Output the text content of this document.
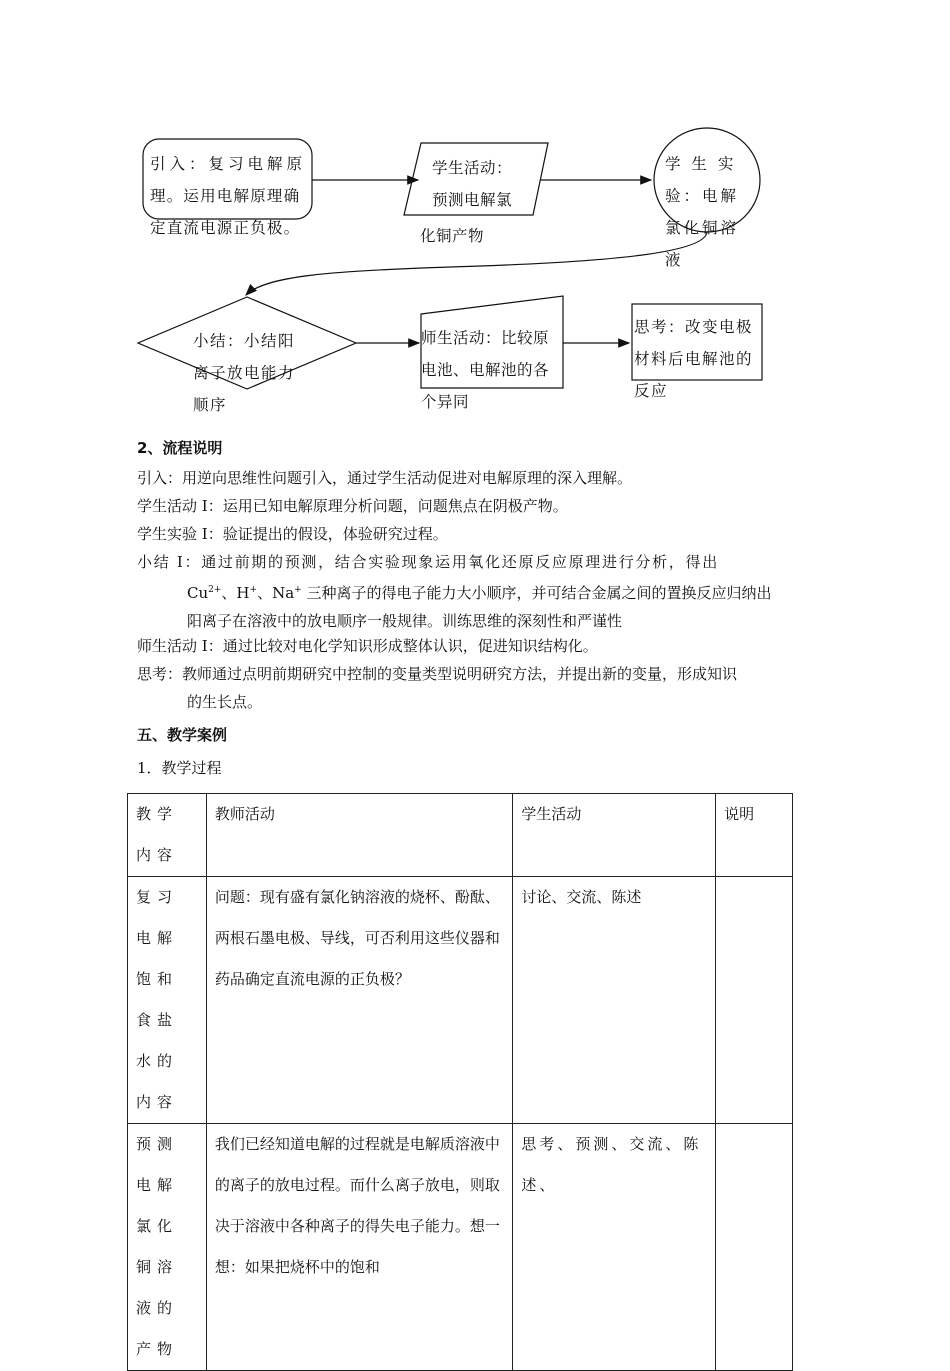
引入：复习电解原
理。运用电解原理确
定直流电源正负极。
学生活动：
预测电解氯
化铜产物
学 生 实
验：电解
氯化铜溶
液
小结：小结阳
离子放电能力
顺序
师生活动：比较原
电池、电解池的各
个异同
思考：改变电极
材料后电解池的
反应
2、流程说明
引入：用逆向思维性问题引入，通过学生活动促进对电解原理的深入理解。
学生活动 I：运用已知电解原理分析问题，问题焦点在阴极产物。
学生实验 I：验证提出的假设，体验研究过程。
小结 I：通过前期的预测，结合实验现象运用氧化还原反应原理进行分析，得出
$Cu^{2+}$、H+、Na+ 三种离子的得电子能力大小顺序，并可结合金属之间的置换反应归纳出
阳离子在溶液中的放电顺序一般规律。训练思维的深刻性和严谨性
师生活动 I：通过比较对电化学知识形成整体认识，促进知识结构化。
思考：教师通过点明前期研究中控制的变量类型说明研究方法，并提出新的变量，形成知识
的生长点。
五、教学案例
1．教学过程
教学内容	教师活动	学生活动	说明
复习电解饱和食盐水的内容	问题：现有盛有氯化钠溶液的烧杯、酚酞、两根石墨电极、导线，可否利用这些仪器和药品确定直流电源的正负极？	讨论、交流、陈述	
预测电解氯化铜溶液的产物	我们已经知道电解的过程就是电解质溶液中的离子的放电过程。而什么离子放电，则取决于溶液中各种离子的得失电子能力。想一想：如果把烧杯中的饱和	思考、预测、交流、陈述、	
